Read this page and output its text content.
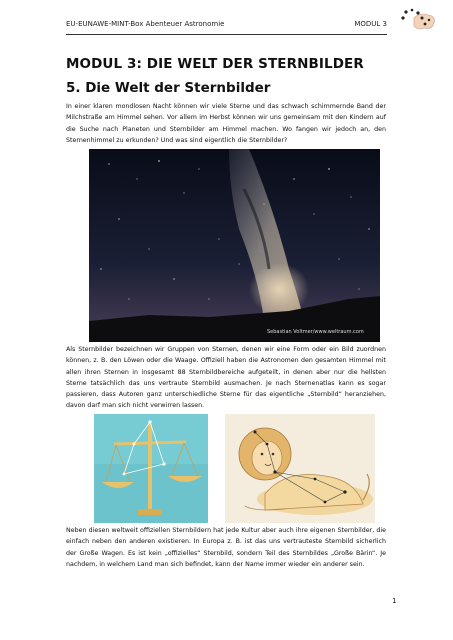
EU-EUNAWE-MINT-Box Abenteuer Astronomie	MODUL 3
MODUL 3: DIE WELT DER STERNBILDER
5. Die Welt der Sternbilder

In einer klaren mondlosen Nacht können wir viele Sterne und das schwach schimmernde Band der Milchstraße am Himmel sehen. Vor allem im Herbst können wir uns gemeinsam mit den Kindern auf die Suche nach Planeten und Sternbilder am Himmel machen. Wo fangen wir jedoch an, den Sternenhimmel zu erkunden? Und was sind eigentlich die Sternbilder?

Sebastian Voltmer/www.weltraum.com

Als Sternbilder bezeichnen wir Gruppen von Sternen, denen wir eine Form oder ein Bild zuordnen können, z. B. den Löwen oder die Waage. Offiziell haben die Astronomen den gesamten Himmel mit allen ihren Sternen in insgesamt 88 Sternbildbereiche aufgeteilt, in denen aber nur die hellsten Sterne tatsächlich das uns vertraute Sternbild ausmachen. Je nach Sternenatlas kann es sogar passieren, dass Autoren ganz unterschiedliche Sterne für das eigentliche „Sternbild“ heranziehen, davon darf man sich nicht verwirren lassen.

Neben diesen weltweit offiziellen Sternbildern hat jede Kultur aber auch ihre eigenen Sternbilder, die einfach neben den anderen existieren. In Europa z. B. ist das uns vertrauteste Sternbild sicherlich der Große Wagen. Es ist kein „offizielles“ Sternbild, sondern Teil des Sternbildes „Große Bärin“. Je nachdem, in welchem Land man sich befindet, kann der Name immer wieder ein anderer sein.

1
